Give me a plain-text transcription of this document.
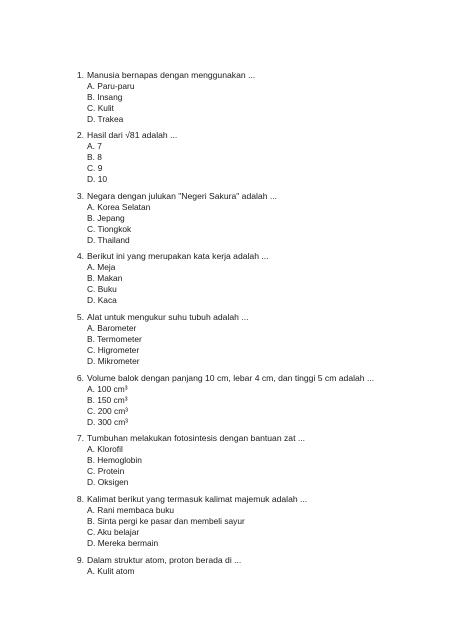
1. Manusia bernapas dengan menggunakan ...
A. Paru-paru
B. Insang
C. Kulit
D. Trakea
2. Hasil dari √81 adalah ...
A. 7
B. 8
C. 9
D. 10
3. Negara dengan julukan "Negeri Sakura" adalah ...
A. Korea Selatan
B. Jepang
C. Tiongkok
D. Thailand
4. Berikut ini yang merupakan kata kerja adalah ...
A. Meja
B. Makan
C. Buku
D. Kaca
5. Alat untuk mengukur suhu tubuh adalah ...
A. Barometer
B. Termometer
C. Higrometer
D. Mikrometer
6. Volume balok dengan panjang 10 cm, lebar 4 cm, dan tinggi 5 cm adalah ...
A. 100 cm³
B. 150 cm³
C. 200 cm³
D. 300 cm³
7. Tumbuhan melakukan fotosintesis dengan bantuan zat ...
A. Klorofil
B. Hemoglobin
C. Protein
D. Oksigen
8. Kalimat berikut yang termasuk kalimat majemuk adalah ...
A. Rani membaca buku
B. Sinta pergi ke pasar dan membeli sayur
C. Aku belajar
D. Mereka bermain
9. Dalam struktur atom, proton berada di ...
A. Kulit atom
